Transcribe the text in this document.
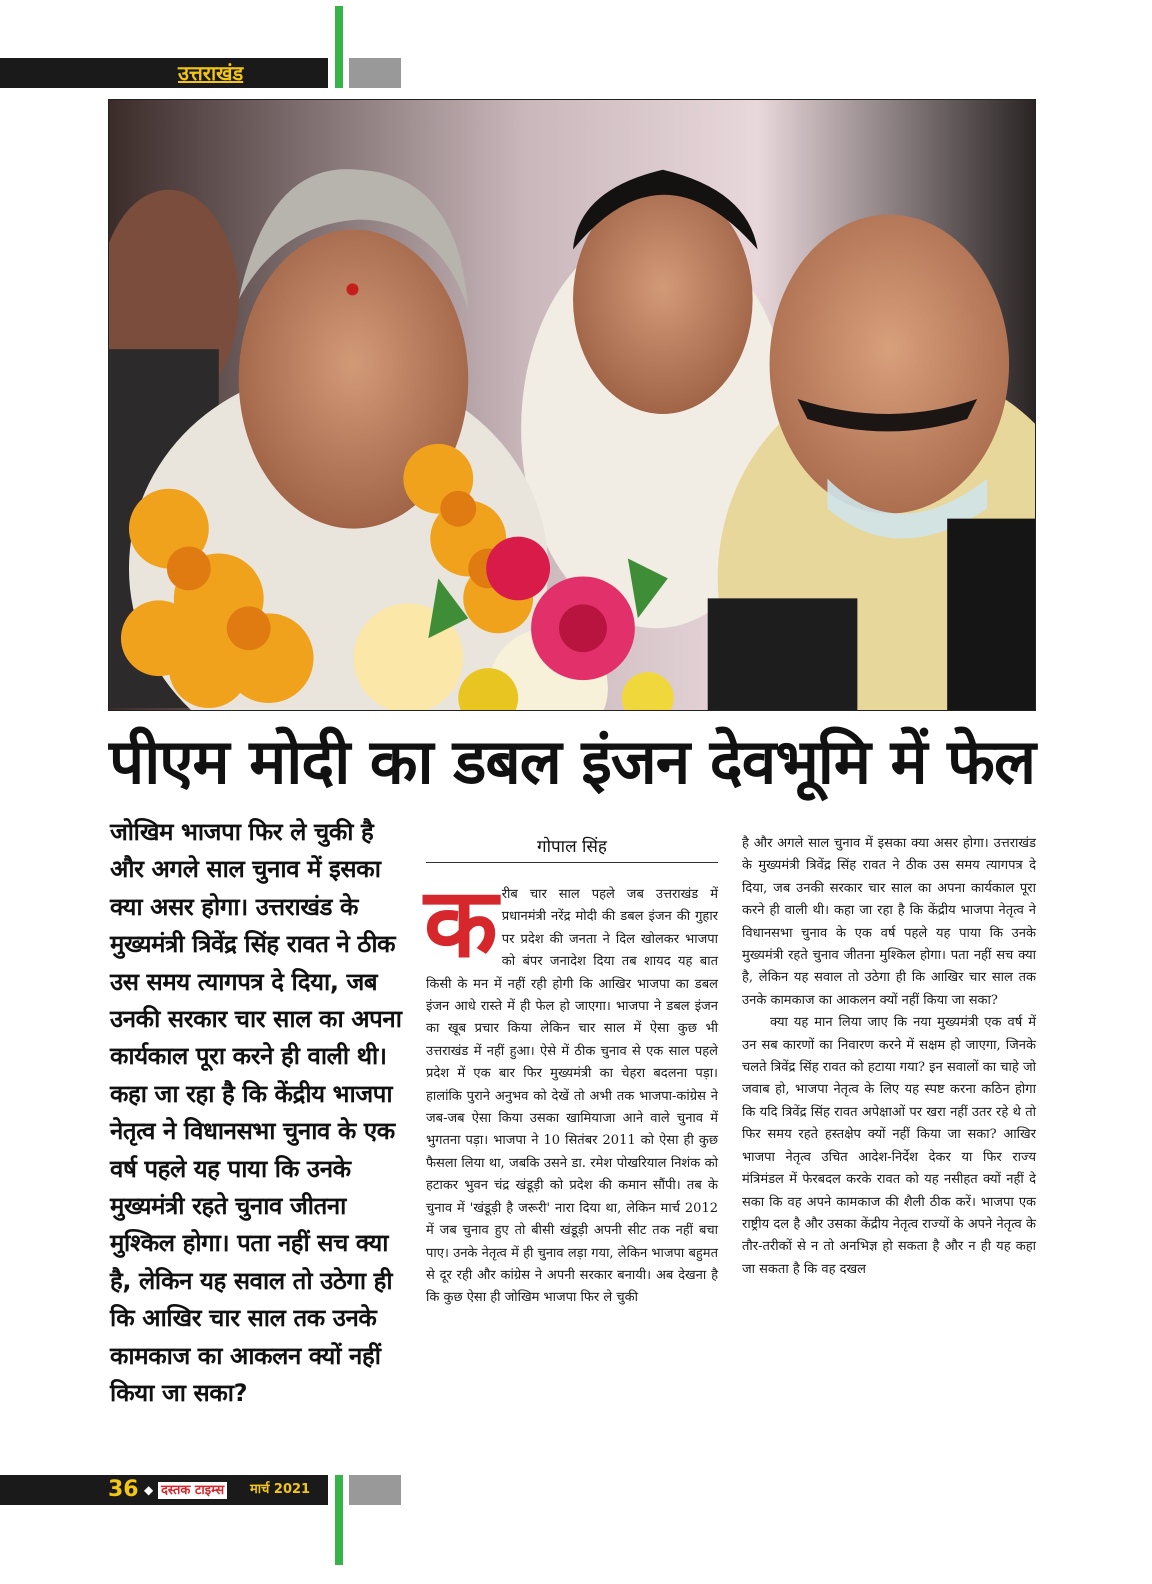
उत्तराखंड
पीएम मोदी का डबल इंजन देवभूमि में फेल
जोखिम भाजपा फिर ले चुकी है और अगले साल चुनाव में इसका क्या असर होगा। उत्तराखंड के मुख्यमंत्री त्रिवेंद्र सिंह रावत ने ठीक उस समय त्यागपत्र दे दिया, जब उनकी सरकार चार साल का अपना कार्यकाल पूरा करने ही वाली थी। कहा जा रहा है कि केंद्रीय भाजपा नेतृत्व ने विधानसभा चुनाव के एक वर्ष पहले यह पाया कि उनके मुख्यमंत्री रहते चुनाव जीतना मुश्किल होगा। पता नहीं सच क्या है, लेकिन यह सवाल तो उठेगा ही कि आखिर चार साल तक उनके कामकाज का आकलन क्यों नहीं किया जा सका?
गोपाल सिंह
क रीब चार साल पहले जब उत्तराखंड में प्रधानमंत्री नरेंद्र मोदी की डबल इंजन की गुहार पर प्रदेश की जनता ने दिल खोलकर भाजपा को बंपर जनादेश दिया तब शायद यह बात किसी के मन में नहीं रही होगी कि आखिर भाजपा का डबल इंजन आधे रास्ते में ही फेल हो जाएगा। भाजपा ने डबल इंजन का खूब प्रचार किया लेकिन चार साल में ऐसा कुछ भी उत्तराखंड में नहीं हुआ। ऐसे में ठीक चुनाव से एक साल पहले प्रदेश में एक बार फिर मुख्यमंत्री का चेहरा बदलना पड़ा। हालांकि पुराने अनुभव को देखें तो अभी तक भाजपा-कांग्रेस ने जब-जब ऐसा किया उसका खामियाजा आने वाले चुनाव में भुगतना पड़ा। भाजपा ने 10 सितंबर 2011 को ऐसा ही कुछ फैसला लिया था, जबकि उसने डा. रमेश पोखरियाल निशंक को हटाकर भुवन चंद्र खंडूड़ी को प्रदेश की कमान सौंपी। तब के चुनाव में 'खंडूड़ी है जरूरी' नारा दिया था, लेकिन मार्च 2012 में जब चुनाव हुए तो बीसी खंडूड़ी अपनी सीट तक नहीं बचा पाए। उनके नेतृत्व में ही चुनाव लड़ा गया, लेकिन भाजपा बहुमत से दूर रही और कांग्रेस ने अपनी सरकार बनायी। अब देखना है कि कुछ ऐसा ही जोखिम भाजपा फिर ले चुकी

है और अगले साल चुनाव में इसका क्या असर होगा। उत्तराखंड के मुख्यमंत्री त्रिवेंद्र सिंह रावत ने ठीक उस समय त्यागपत्र दे दिया, जब उनकी सरकार चार साल का अपना कार्यकाल पूरा करने ही वाली थी। कहा जा रहा है कि केंद्रीय भाजपा नेतृत्व ने विधानसभा चुनाव के एक वर्ष पहले यह पाया कि उनके मुख्यमंत्री रहते चुनाव जीतना मुश्किल होगा। पता नहीं सच क्या है, लेकिन यह सवाल तो उठेगा ही कि आखिर चार साल तक उनके कामकाज का आकलन क्यों नहीं किया जा सका?

क्या यह मान लिया जाए कि नया मुख्यमंत्री एक वर्ष में उन सब कारणों का निवारण करने में सक्षम हो जाएगा, जिनके चलते त्रिवेंद्र सिंह रावत को हटाया गया? इन सवालों का चाहे जो जवाब हो, भाजपा नेतृत्व के लिए यह स्पष्ट करना कठिन होगा कि यदि त्रिवेंद्र सिंह रावत अपेक्षाओं पर खरा नहीं उतर रहे थे तो फिर समय रहते हस्तक्षेप क्यों नहीं किया जा सका? आखिर भाजपा नेतृत्व उचित आदेश-निर्देश देकर या फिर राज्य मंत्रिमंडल में फेरबदल करके रावत को यह नसीहत क्यों नहीं दे सका कि वह अपने कामकाज की शैली ठीक करें। भाजपा एक राष्ट्रीय दल है और उसका केंद्रीय नेतृत्व राज्यों के अपने नेतृत्व के तौर-तरीकों से न तो अनभिज्ञ हो सकता है और न ही यह कहा जा सकता है कि वह दखल

36 ◆ दस्तक टाइम्स मार्च 2021
